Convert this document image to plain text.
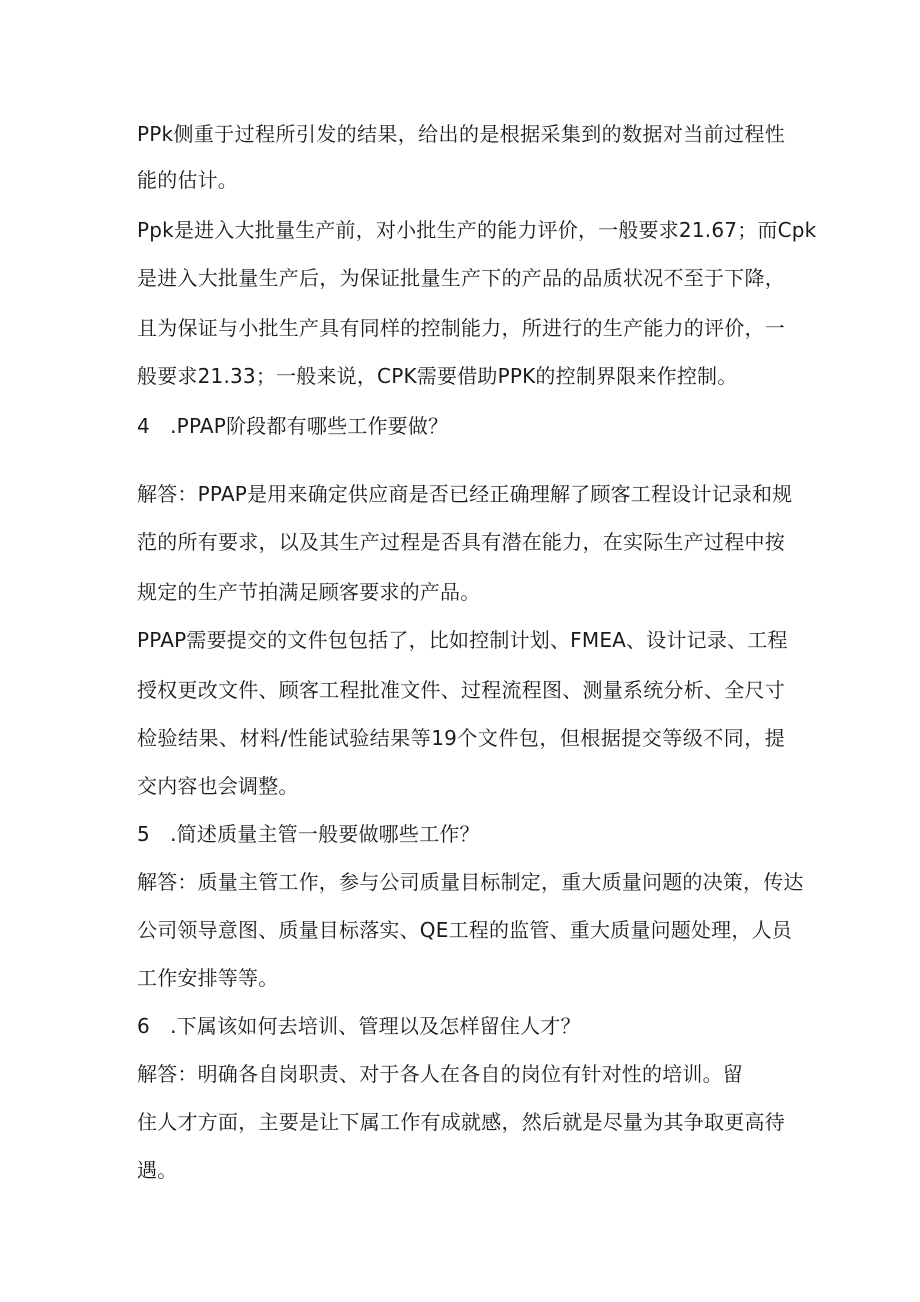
PPk侧重于过程所引发的结果，给出的是根据采集到的数据对当前过程性

能的估计。

Ppk是进入大批量生产前，对小批生产的能力评价，一般要求21.67；而Cpk

是进入大批量生产后，为保证批量生产下的产品的品质状况不至于下降，

且为保证与小批生产具有同样的控制能力，所进行的生产能力的评价，一

般要求21.33；一般来说，CPK需要借助PPK的控制界限来作控制。

4　.PPAP阶段都有哪些工作要做？

解答：PPAP是用来确定供应商是否已经正确理解了顾客工程设计记录和规

范的所有要求，以及其生产过程是否具有潜在能力，在实际生产过程中按

规定的生产节拍满足顾客要求的产品。

PPAP需要提交的文件包包括了，比如控制计划、FMEA、设计记录、工程

授权更改文件、顾客工程批准文件、过程流程图、测量系统分析、全尺寸

检验结果、材料/性能试验结果等19个文件包，但根据提交等级不同，提

交内容也会调整。

5　.简述质量主管一般要做哪些工作？

解答：质量主管工作，参与公司质量目标制定，重大质量问题的决策，传达

公司领导意图、质量目标落实、QE工程的监管、重大质量问题处理，人员

工作安排等等。

6　.下属该如何去培训、管理以及怎样留住人才？

解答：明确各自岗职责、对于各人在各自的岗位有针对性的培训。留

住人才方面，主要是让下属工作有成就感，然后就是尽量为其争取更高待

遇。
